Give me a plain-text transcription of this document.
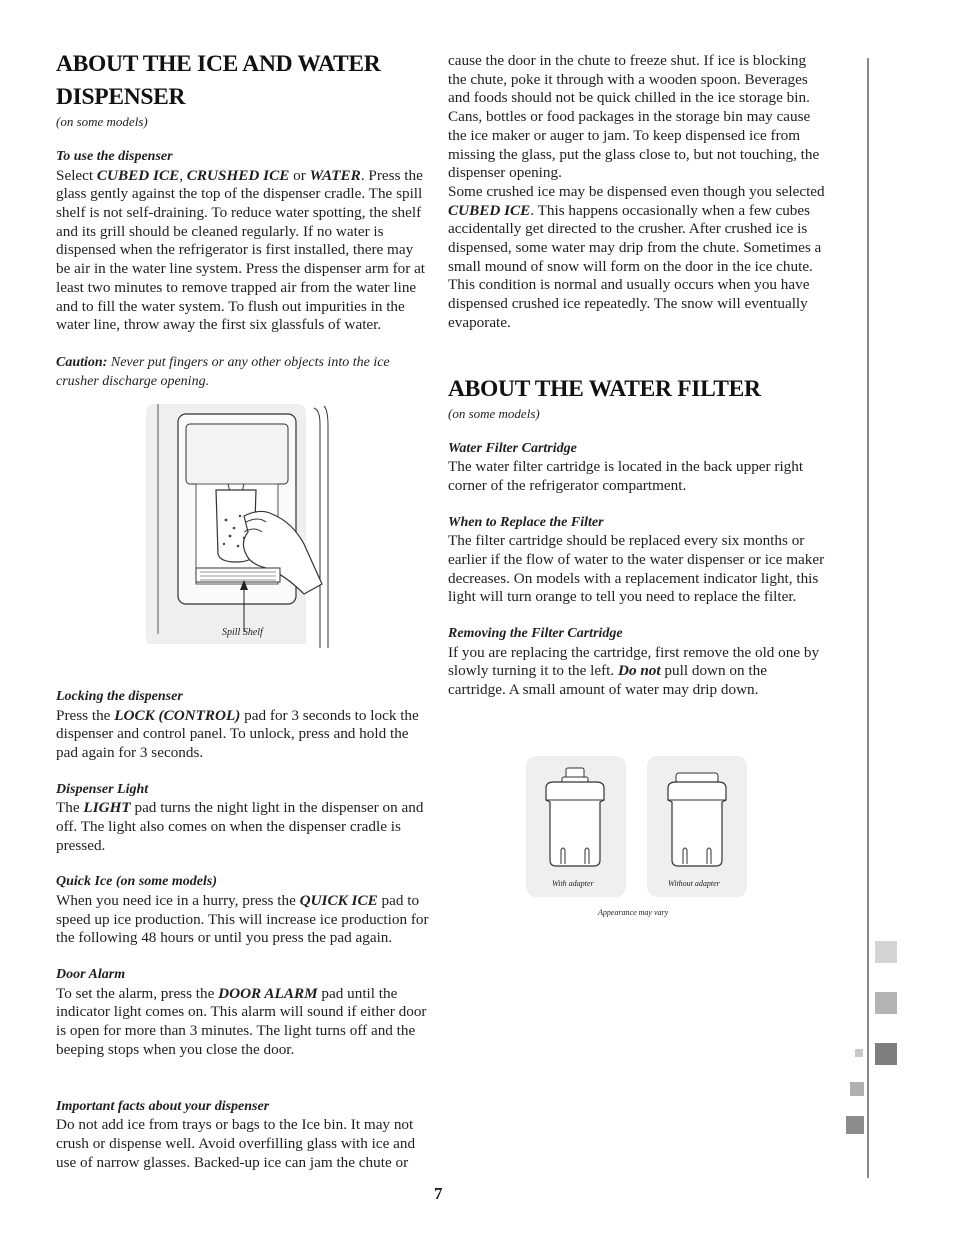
ABOUT THE ICE AND WATER DISPENSER
(on some models)
To use the dispenser

Select CUBED ICE, CRUSHED ICE or WATER. Press the glass gently against the top of the dispenser cradle. The spill shelf is not self-draining. To reduce water spotting, the shelf and its grill should be cleaned regularly. If no water is dispensed when the refrigerator is first installed, there may be air in the water line system. Press the dispenser arm for at least two minutes to remove trapped air from the water line and to fill the water system. To flush out impurities in the water line, throw away the first six glassfuls of water.

Caution: Never put fingers or any other objects into the ice crusher discharge opening.

Spill Shelf
Locking the dispenser

Press the LOCK (CONTROL) pad for 3 seconds to lock the dispenser and control panel. To unlock, press and hold the pad again for 3 seconds.

Dispenser Light

The LIGHT pad turns the night light in the dispenser on and off. The light also comes on when the dispenser cradle is pressed.

Quick Ice (on some models)

When you need ice in a hurry, press the QUICK ICE pad to speed up ice production. This will increase ice production for the following 48 hours or until you press the pad again.

Door Alarm

To set the alarm, press the DOOR ALARM pad until the indicator light comes on. This alarm will sound if either door is open for more than 3 minutes. The light turns off and the beeping stops when you close the door.

Important facts about your dispenser

Do not add ice from trays or bags to the Ice bin. It may not crush or dispense well. Avoid overfilling glass with ice and use of narrow glasses. Backed-up ice can jam the chute or

cause the door in the chute to freeze shut. If ice is blocking the chute, poke it through with a wooden spoon. Beverages and foods should not be quick chilled in the ice storage bin. Cans, bottles or food packages in the storage bin may cause the ice maker or auger to jam. To keep dispensed ice from missing the glass, put the glass close to, but not touching, the dispenser opening.

Some crushed ice may be dispensed even though you selected CUBED ICE. This happens occasionally when a few cubes accidentally get directed to the crusher. After crushed ice is dispensed, some water may drip from the chute. Sometimes a small mound of snow will form on the door in the ice chute. This condition is normal and usually occurs when you have dispensed crushed ice repeatedly. The snow will eventually evaporate.

ABOUT THE WATER FILTER
(on some models)
Water Filter Cartridge

The water filter cartridge is located in the back upper right corner of the refrigerator compartment.

When to Replace the Filter

The filter cartridge should be replaced every six months or earlier if the flow of water to the water dispenser or ice maker decreases. On models with a replacement indicator light, this light will turn orange to tell you need to replace the filter.

Removing the Filter Cartridge

If you are replacing the cartridge, first remove the old one by slowly turning it to the left. Do not pull down on the cartridge. A small amount of water may drip down.

With adapter	Without adapter
Appearance may vary
7
